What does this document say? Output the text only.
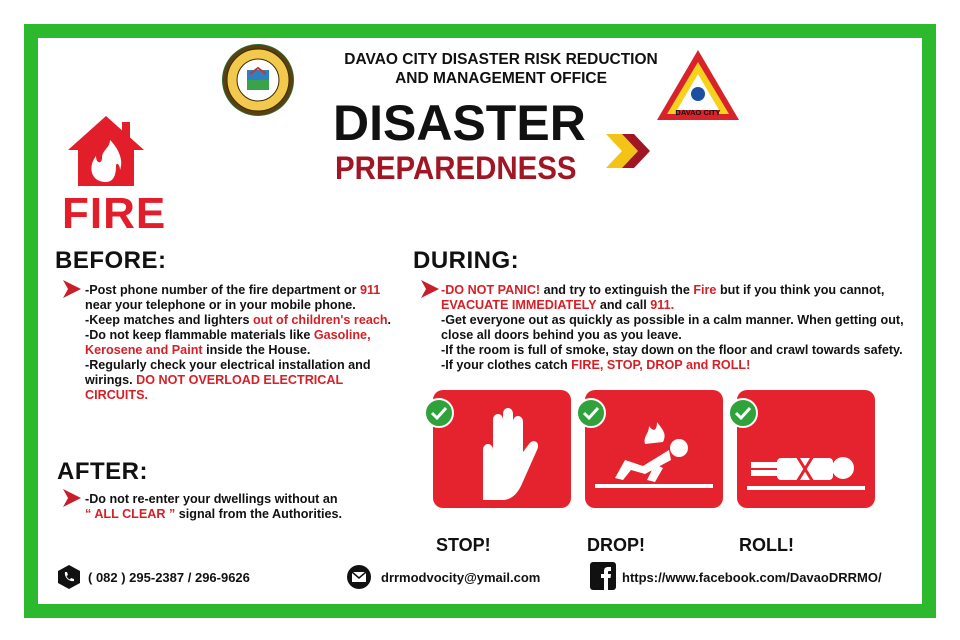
DAVAO CITY DISASTER RISK REDUCTION
AND MANAGEMENT OFFICE
DAVAO CITY
DISASTER
PREPAREDNESS
FIRE
BEFORE:
-Post phone number of the fire department or 911
near your telephone or in your mobile phone.
-Keep matches and lighters out of children's reach.
-Do not keep flammable materials like Gasoline,
Kerosene and Paint inside the House.
-Regularly check your electrical installation and
wirings. DO NOT OVERLOAD ELECTRICAL
CIRCUITS.
AFTER:
-Do not re-enter your dwellings without an
“ ALL CLEAR ” signal from the Authorities.
DURING:
-DO NOT PANIC! and try to extinguish the Fire but if you think you cannot,
EVACUATE IMMEDIATELY and call 911.
-Get everyone out as quickly as possible in a calm manner. When getting out,
close all doors behind you as you leave.
-If the room is full of smoke, stay down on the floor and crawl towards safety.
-If your clothes catch FIRE, STOP, DROP and ROLL!
STOP!	DROP!	ROLL!
( 082 ) 295-2387 / 296-9626	drrmodvocity@ymail.com	https://www.facebook.com/DavaoDRRMO/
